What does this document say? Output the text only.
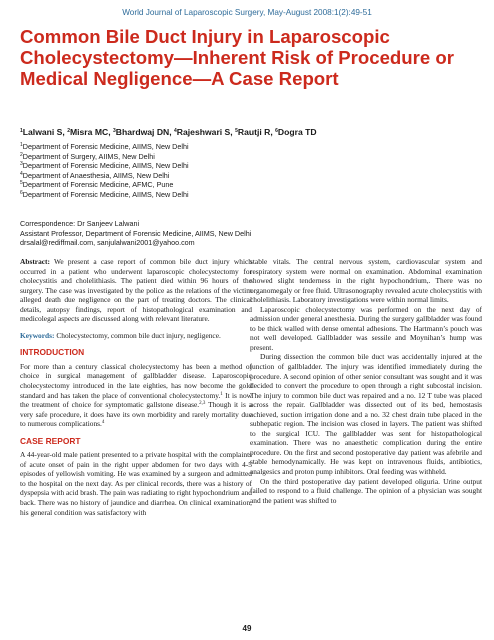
World Journal of Laparoscopic Surgery, May-August 2008:1(2):49-51
Common Bile Duct Injury in Laparoscopic Cholecystectomy—Inherent Risk of Procedure or Medical Negligence—A Case Report
$^1$Lalwani S, $^2$Misra MC, $^3$Bhardwaj DN, $^4$Rajeshwari S, $^5$Rautji R, $^6$Dogra TD
$^1$Department of Forensic Medicine, AIIMS, New Delhi
$^2$Department of Surgery, AIIMS, New Delhi
$^3$Department of Forensic Medicine, AIIMS, New Delhi
$^4$Department of Anaesthesia, AIIMS, New Delhi
$^5$Department of Forensic Medicine, AFMC, Pune
$^6$Department of Forensic Medicine, AIIMS, New Delhi
Correspondence: Dr Sanjeev Lalwani
Assistant Professor, Department of Forensic Medicine, AIIMS, New Delhi
drsalal@rediffmail.com, sanjulalwani2001@yahoo.com

Abstract: We present a case report of common bile duct injury which occurred in a patient who underwent laparoscopic cholecystectomy for cholecystitis and cholelithiasis. The patient died within 96 hours of the surgery. The case was investigated by the police as the relations of the victim alleged death due negligence on the part of treating doctors. The clinical details, autopsy findings, report of histopathological examination and medicolegal aspects are discussed along with relevant literature.

Keywords: Cholecystectomy, common bile duct injury, negligence.

INTRODUCTION

For more than a century classical cholecystectomy has been a method of choice in surgical management of gallbladder disease. Laparoscopic cholecystectomy introduced in the late eighties, has now become the gold standard and has taken the place of conventional cholecystectomy.$^1$ It is now the treatment of choice for symptomatic gallstone disease.$^{2,3}$ Though it is a very safe procedure, it does have its own morbidity and rarely mortality due to numerous complications.$^4$

CASE REPORT

A 44-year-old male patient presented to a private hospital with the complaints of acute onset of pain in the right upper abdomen for two days with 4-5 episodes of yellowish vomiting. He was examined by a surgeon and admitted to the hospital on the next day. As per clinical records, there was a history of dyspepsia with acid brash. The pain was radiating to right hypochondrium and back. There was no history of jaundice and diarrhea. On clinical examination, his general condition was satisfactory with

stable vitals. The central nervous system, cardiovascular system and respiratory system were normal on examination. Abdominal examination showed slight tenderness in the right hypochondrium,. There was no organomegaly or free fluid. Ultrasonography revealed acute cholecystitis with cholelithiasis. Laboratory investigations were within normal limits.

Laparoscopic cholecystectomy was performed on the next day of admission under general anesthesia. During the surgery gallbladder was found to be thick walled with dense omental adhesions. The Hartmann’s pouch was not well developed. Gallbladder was sessile and Moynihan’s hump was present.

During dissection the common bile duct was accidentally injured at the junction of gallbladder. The injury was identified immediately during the procedure. A second opinion of other senior consultant was sought and it was decided to convert the procedure to open through a right subcostal incision. The injury to common bile duct was repaired and a no. 12 T tube was placed across the repair. Gallbladder was dissected out of its bed, hemostasis achieved, suction irrigation done and a no. 32 chest drain tube placed in the subhepatic region. The incision was closed in layers. The patient was shifted to the surgical ICU. The gallbladder was sent for histopathological examination. There was no anaesthetic complication during the entire procedure. On the first and second postoperative day patient was afebrile and stable hemodynamically. He was kept on intravenous fluids, antibiotics, analgesics and proton pump inhibitors. Oral feeding was withheld.

On the third postoperative day patient developed oliguria. Urine output failed to respond to a fluid challenge. The opinion of a physician was sought and the patient was shifted to

49
